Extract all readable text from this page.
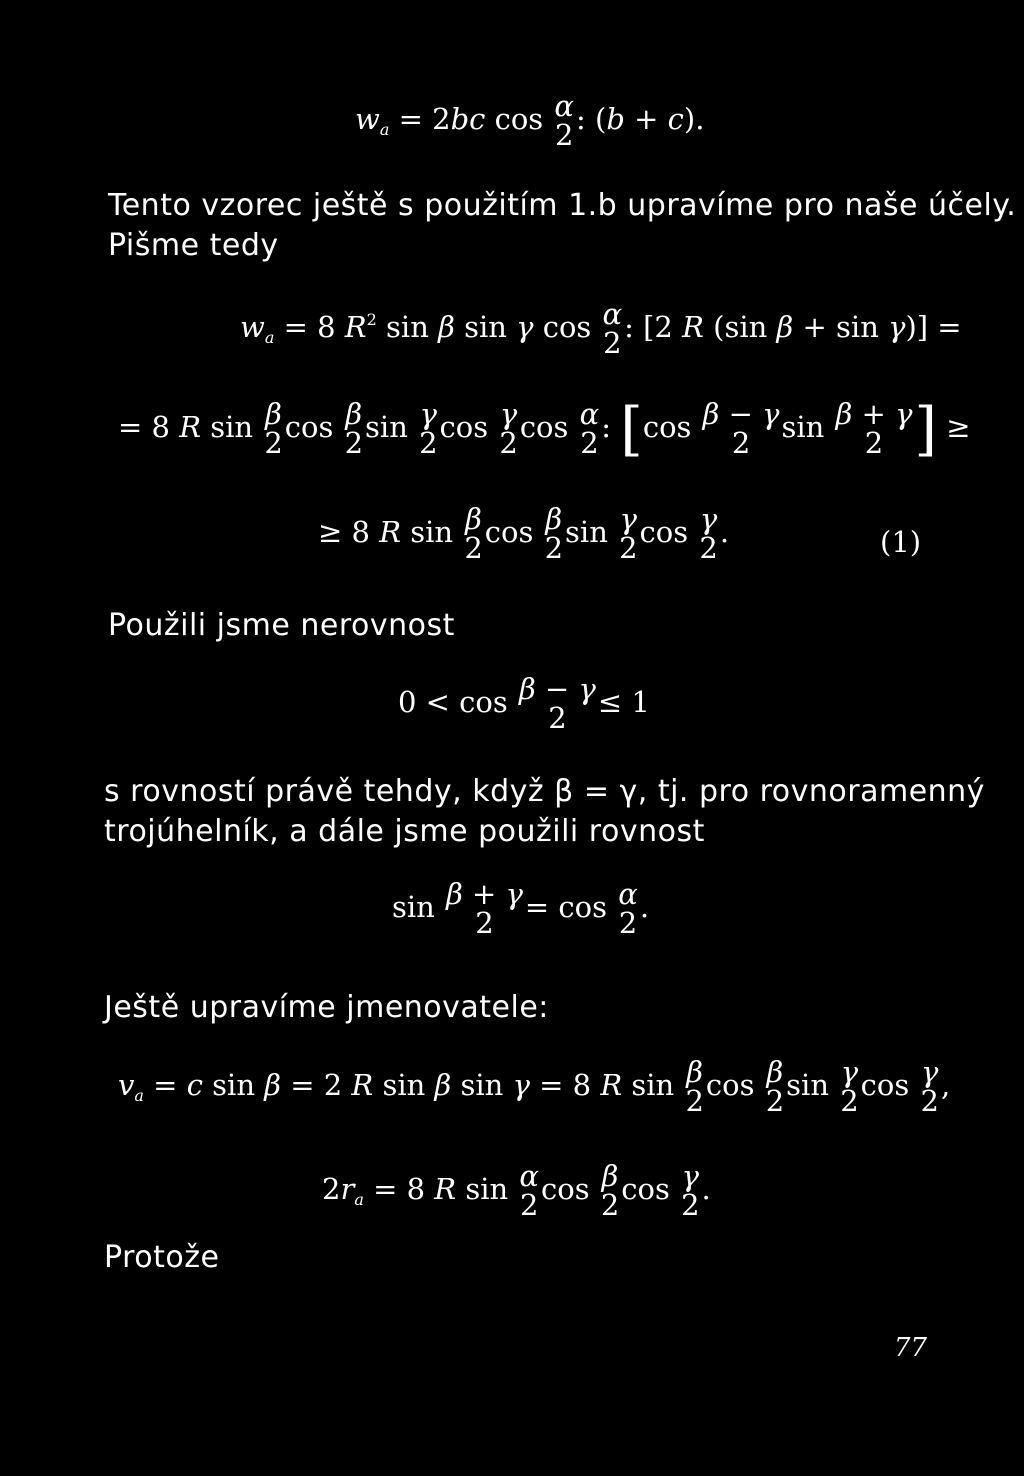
$w_a = 2bc$ cos α
2 : (b + c).
Tento vzorec ještě s použitím 1.b upravíme pro naše účely.
Pišme tedy
$w_a = 8$ $R^2$ sin β sin γ cos α
2 : [2 R (sin β + sin γ)] =
= 8 R sin β
2 cos β
2 sin γ
2 cos γ
2 cos α
2 : [cos β − γ
2	sin β + γ
2 ] ≥
≥ 8 R sin β
2 cos β
2 sin γ
2 cos γ
2 .	(1)
Použili jsme nerovnost
0 < cos β − γ
2	≤ 1
s rovností právě tehdy, když β = γ, tj. pro rovnoramenný
trojúhelník, a dále jsme použili rovnost
sin β + γ
2	= cos α
2 .
Ještě upravíme jmenovatele:
$v_a = c$ sin β = 2 R sin β sin γ = 8 R sin β
2 cos β
2 sin γ
2 cos γ
2 ,
$2r_a = 8$ R sin α
2 cos β
2 cos γ
2 .
Protože
77
